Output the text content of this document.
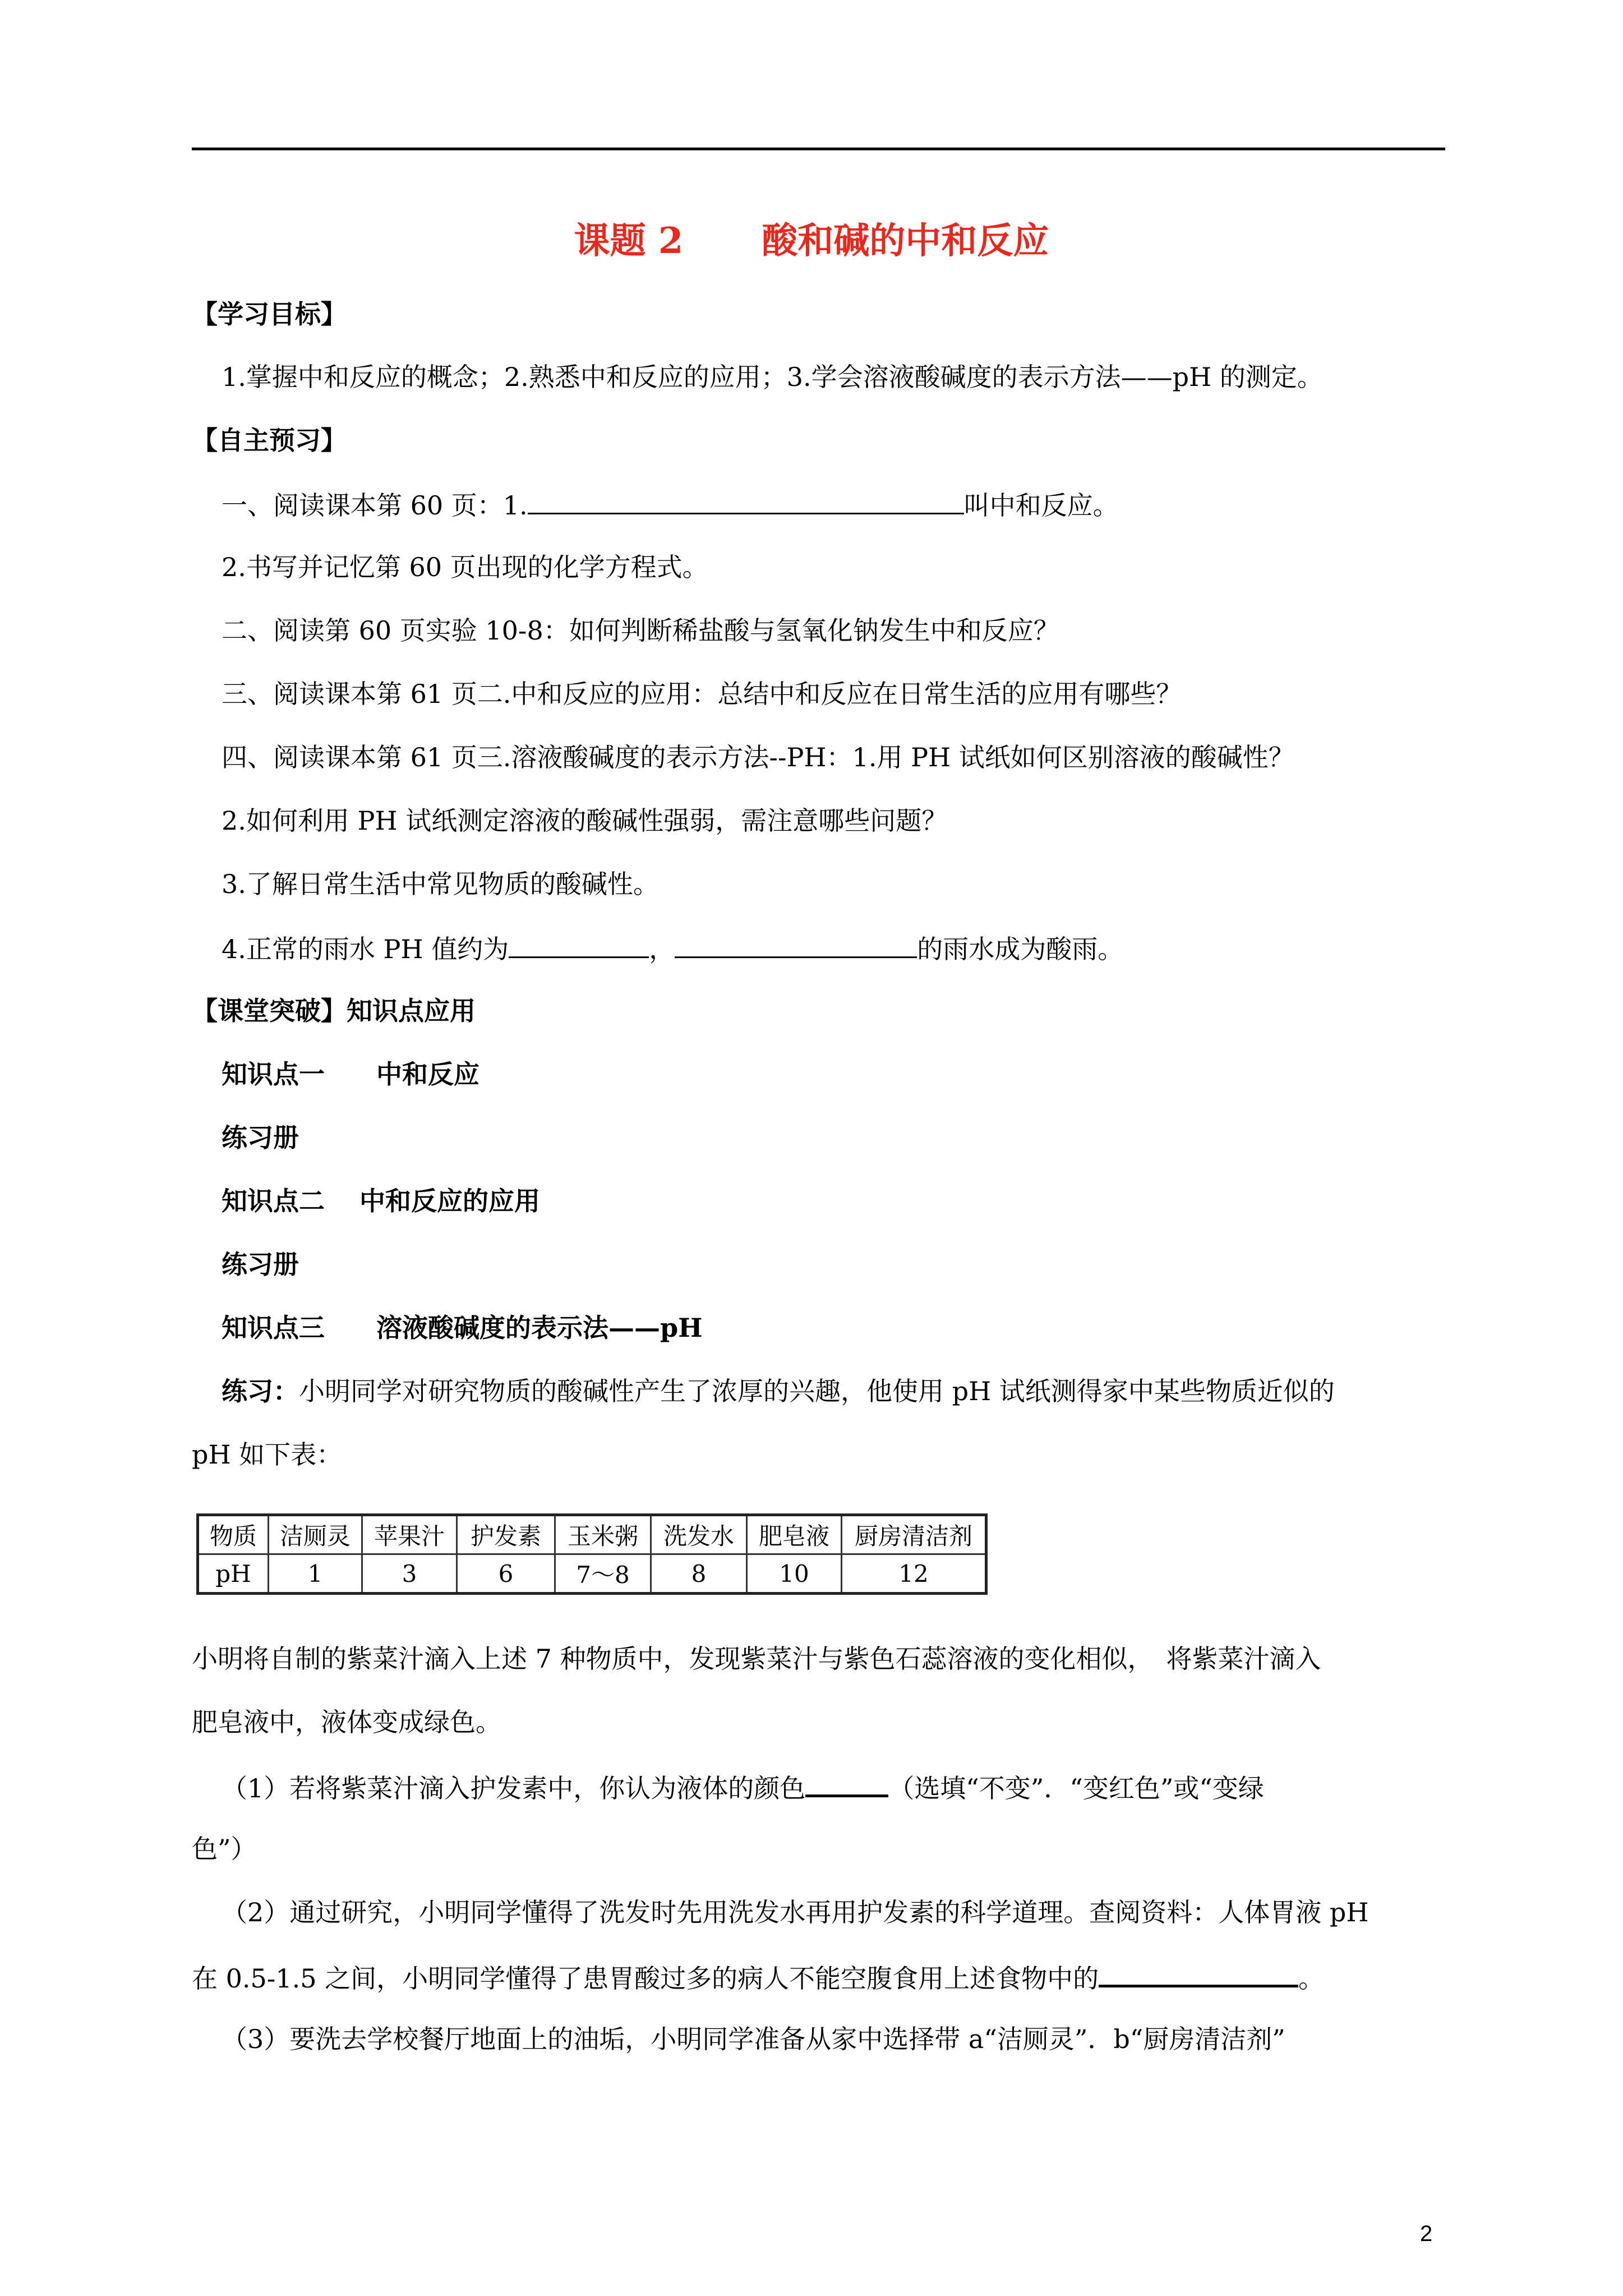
课题 2 酸和碱的中和反应
【学习目标】
1.掌握中和反应的概念；2.熟悉中和反应的应用；3.学会溶液酸碱度的表示方法——pH 的测定。
【自主预习】
一、阅读课本第 60 页：1.	叫中和反应。
2.书写并记忆第 60 页出现的化学方程式。
二、阅读第 60 页实验 10-8：如何判断稀盐酸与氢氧化钠发生中和反应？
三、阅读课本第 61 页二.中和反应的应用：总结中和反应在日常生活的应用有哪些？
四、阅读课本第 61 页三.溶液酸碱度的表示方法--PH：1.用 PH 试纸如何区别溶液的酸碱性？
2.如何利用 PH 试纸测定溶液的酸碱性强弱，需注意哪些问题？
3.了解日常生活中常见物质的酸碱性。
4.正常的雨水 PH 值约为	，	的雨水成为酸雨。
【课堂突破】知识点应用
知识点一　　中和反应
练习册
知识点二　 中和反应的应用
练习册
知识点三　　溶液酸碱度的表示法——pH
练习：小明同学对研究物质的酸碱性产生了浓厚的兴趣，他使用 pH 试纸测得家中某些物质近似的
pH 如下表：
物质	洁厕灵	苹果汁	护发素	玉米粥	洗发水	肥皂液	厨房清洁剂
pH	1	3	6	7～8	8	10	12
小明将自制的紫菜汁滴入上述 7 种物质中，发现紫菜汁与紫色石蕊溶液的变化相似，　将紫菜汁滴入
肥皂液中，液体变成绿色。
（1）若将紫菜汁滴入护发素中，你认为液体的颜色	（选填“不变”．“变红色”或“变绿
色”）
（2）通过研究，小明同学懂得了洗发时先用洗发水再用护发素的科学道理。查阅资料：人体胃液 pH
在 0.5-1.5 之间，小明同学懂得了患胃酸过多的病人不能空腹食用上述食物中的	。
（3）要洗去学校餐厅地面上的油垢，小明同学准备从家中选择带 a“洁厕灵”．b“厨房清洁剂”
2
